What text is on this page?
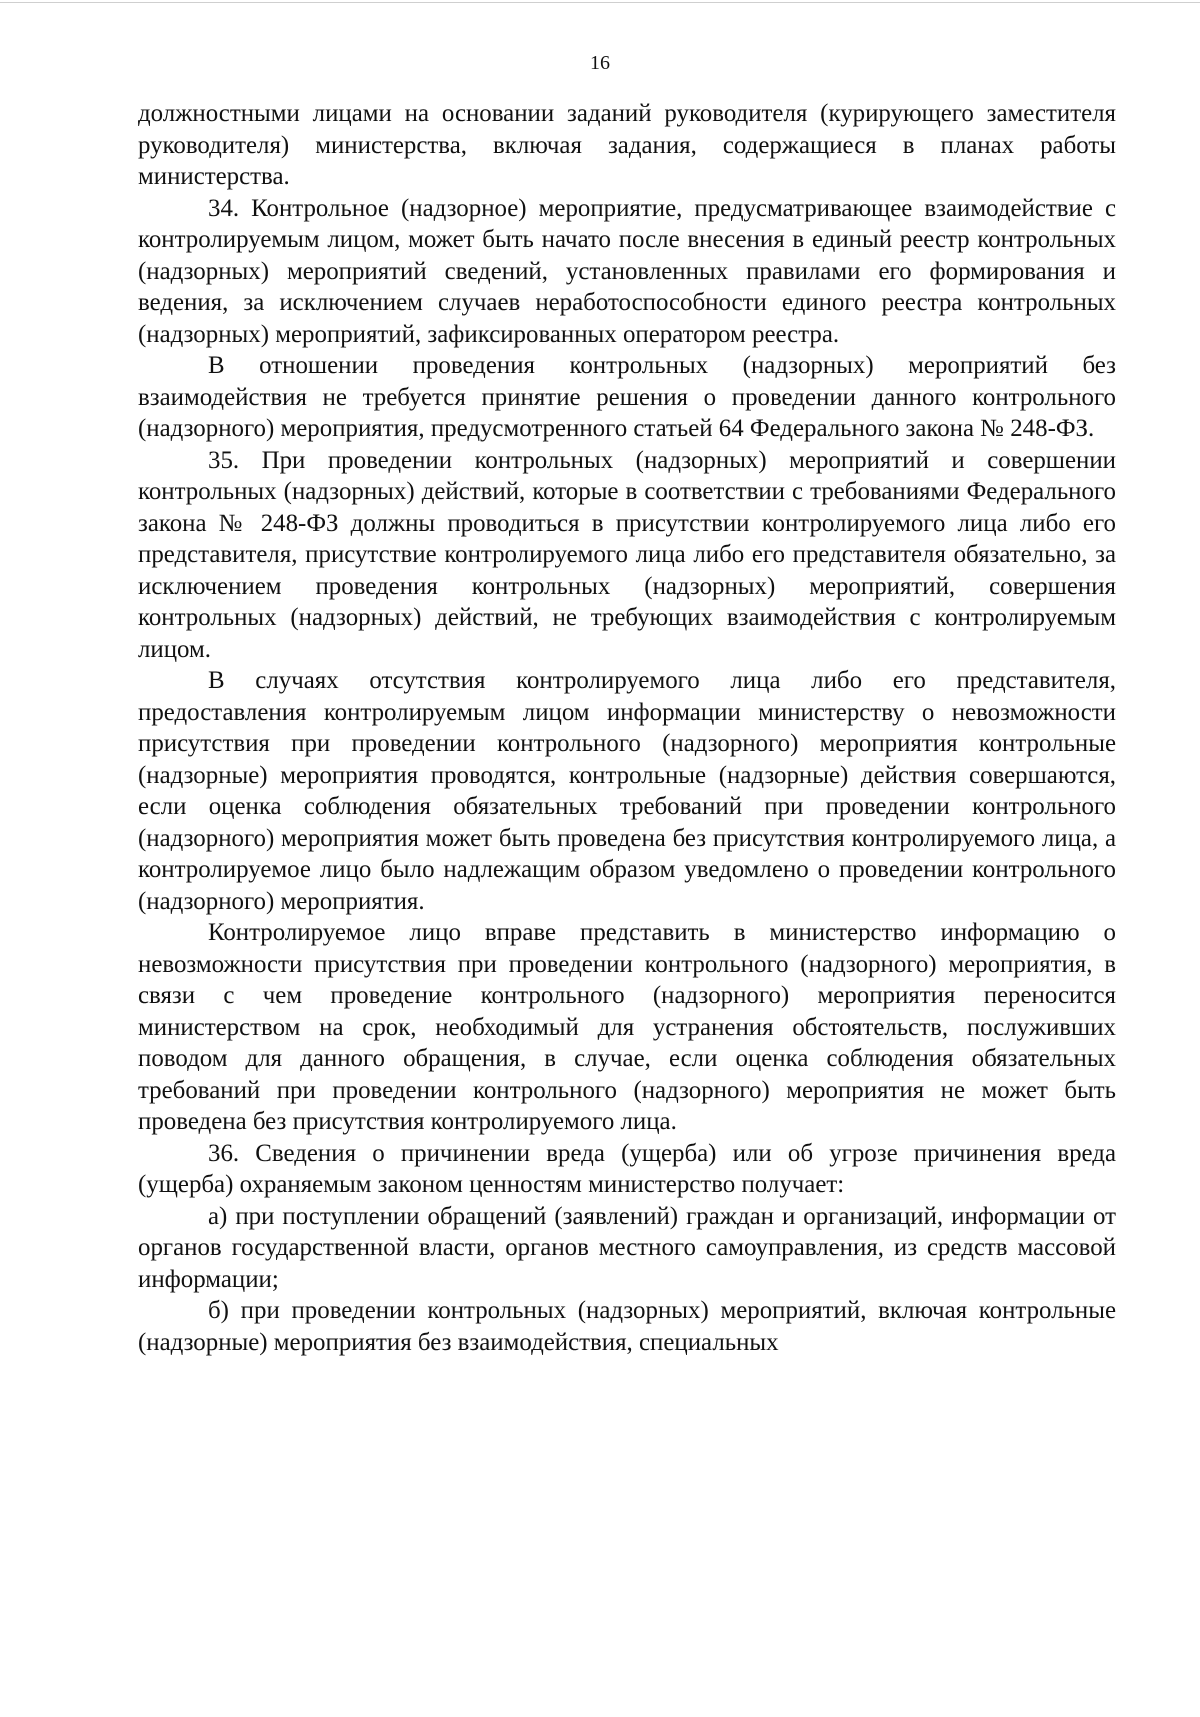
16

должностными лицами на основании заданий руководителя (курирующего заместителя руководителя) министерства, включая задания, содержащиеся в планах работы министерства.

34. Контрольное (надзорное) мероприятие, предусматривающее взаимодействие с контролируемым лицом, может быть начато после внесения в единый реестр контрольных (надзорных) мероприятий сведений, установленных правилами его формирования и ведения, за исключением случаев неработоспособности единого реестра контрольных (надзорных) мероприятий, зафиксированных оператором реестра.

В отношении проведения контрольных (надзорных) мероприятий без взаимодействия не требуется принятие решения о проведении данного контрольного (надзорного) мероприятия, предусмотренного статьей 64 Федерального закона № 248-ФЗ.

35. При проведении контрольных (надзорных) мероприятий и совершении контрольных (надзорных) действий, которые в соответствии с требованиями Федерального закона № 248-ФЗ должны проводиться в присутствии контролируемого лица либо его представителя, присутствие контролируемого лица либо его представителя обязательно, за исключением проведения контрольных (надзорных) мероприятий, совершения контрольных (надзорных) действий, не требующих взаимодействия с контролируемым лицом.

В случаях отсутствия контролируемого лица либо его представителя, предоставления контролируемым лицом информации министерству о невозможности присутствия при проведении контрольного (надзорного) мероприятия контрольные (надзорные) мероприятия проводятся, контрольные (надзорные) действия совершаются, если оценка соблюдения обязательных требований при проведении контрольного (надзорного) мероприятия может быть проведена без присутствия контролируемого лица, а контролируемое лицо было надлежащим образом уведомлено о проведении контрольного (надзорного) мероприятия.

Контролируемое лицо вправе представить в министерство информацию о невозможности присутствия при проведении контрольного (надзорного) мероприятия, в связи с чем проведение контрольного (надзорного) мероприятия переносится министерством на срок, необходимый для устранения обстоятельств, послуживших поводом для данного обращения, в случае, если оценка соблюдения обязательных требований при проведении контрольного (надзорного) мероприятия не может быть проведена без присутствия контролируемого лица.

36. Сведения о причинении вреда (ущерба) или об угрозе причинения вреда (ущерба) охраняемым законом ценностям министерство получает:

а) при поступлении обращений (заявлений) граждан и организаций, информации от органов государственной власти, органов местного самоуправления, из средств массовой информации;

б) при проведении контрольных (надзорных) мероприятий, включая контрольные (надзорные) мероприятия без взаимодействия, специальных
